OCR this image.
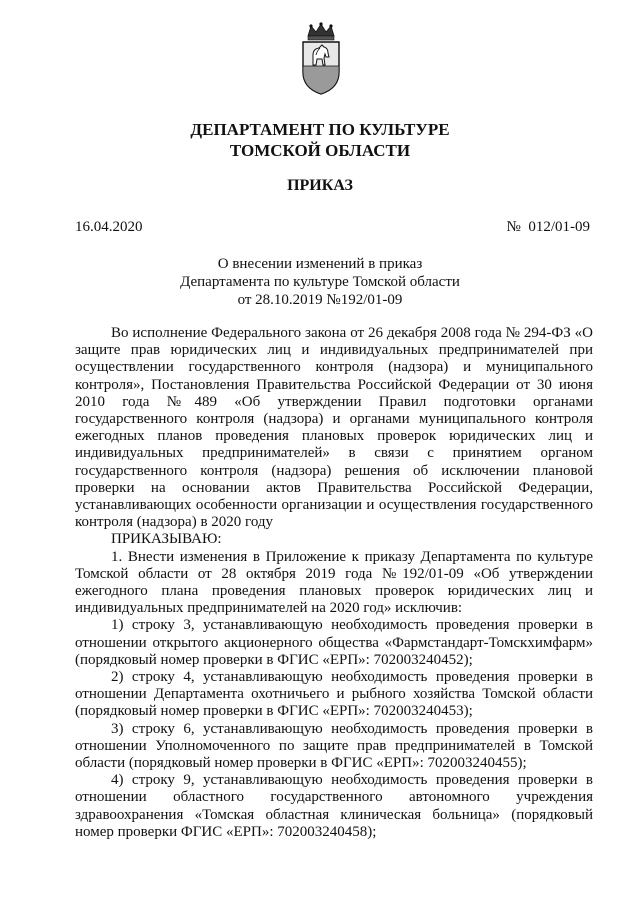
ДЕПАРТАМЕНТ ПО КУЛЬТУРЕ
ТОМСКОЙ ОБЛАСТИ
ПРИКАЗ
16.04.2020	№  012/01-09
О внесении изменений в приказ
Департамента по культуре Томской области
от 28.10.2019 №192/01-09

Во исполнение Федерального закона от 26 декабря 2008 года № 294-ФЗ «О защите прав юридических лиц и индивидуальных предпринимателей при осуществлении государственного контроля (надзора) и муниципального контроля», Постановления Правительства Российской Федерации от 30 июня 2010 года №489 «Об утверждении Правил подготовки органами государственного контроля (надзора) и органами муниципального контроля ежегодных планов проведения плановых проверок юридических лиц и индивидуальных предпринимателей» в связи с принятием органом государственного контроля (надзора) решения об исключении плановой проверки на основании актов Правительства Российской Федерации, устанавливающих особенности организации и осуществления государственного контроля (надзора) в 2020 году

ПРИКАЗЫВАЮ:

1. Внести изменения в Приложение к приказу Департамента по культуре Томской области от 28 октября 2019 года №192/01-09 «Об утверждении ежегодного плана проведения плановых проверок юридических лиц и индивидуальных предпринимателей на 2020 год» исключив:

1) строку 3, устанавливающую необходимость проведения проверки в отношении открытого акционерного общества «Фармстандарт-Томскхимфарм» (порядковый номер проверки в ФГИС «ЕРП»: 702003240452);

2) строку 4, устанавливающую необходимость проведения проверки в отношении Департамента охотничьего и рыбного хозяйства Томской области (порядковый номер проверки в ФГИС «ЕРП»: 702003240453);

3) строку 6, устанавливающую необходимость проведения проверки в отношении Уполномоченного по защите прав предпринимателей в Томской области (порядковый номер проверки в ФГИС «ЕРП»: 702003240455);

4) строку 9, устанавливающую необходимость проведения проверки в отношении областного государственного автономного учреждения здравоохранения «Томская областная клиническая больница» (порядковый номер проверки ФГИС «ЕРП»: 702003240458);
